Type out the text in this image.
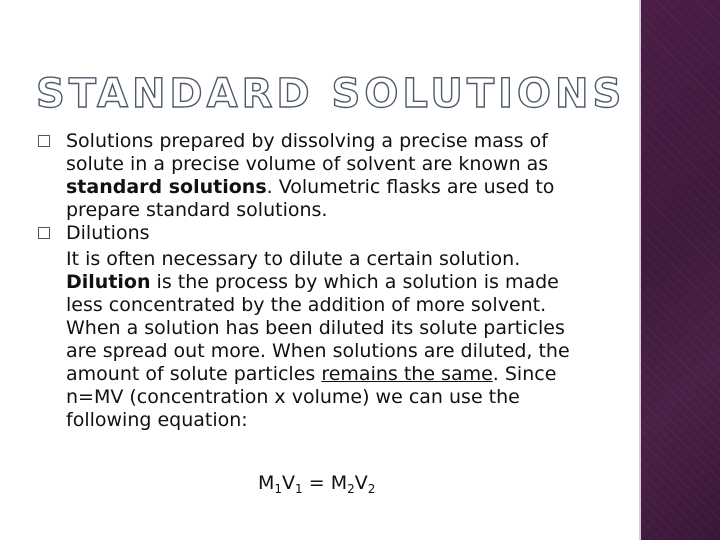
STANDARD SOLUTIONS
Solutions prepared by dissolving a precise mass of solute in a precise volume of solvent are known as standard solutions. Volumetric flasks are used to prepare standard solutions.
Dilutions
It is often necessary to dilute a certain solution. Dilution is the process by which a solution is made less concentrated by the addition of more solvent. When a solution has been diluted its solute particles are spread out more. When solutions are diluted, the amount of solute particles remains the same. Since n=MV (concentration x volume) we can use the following equation:
$M_1V_1 = M_2V_2$
